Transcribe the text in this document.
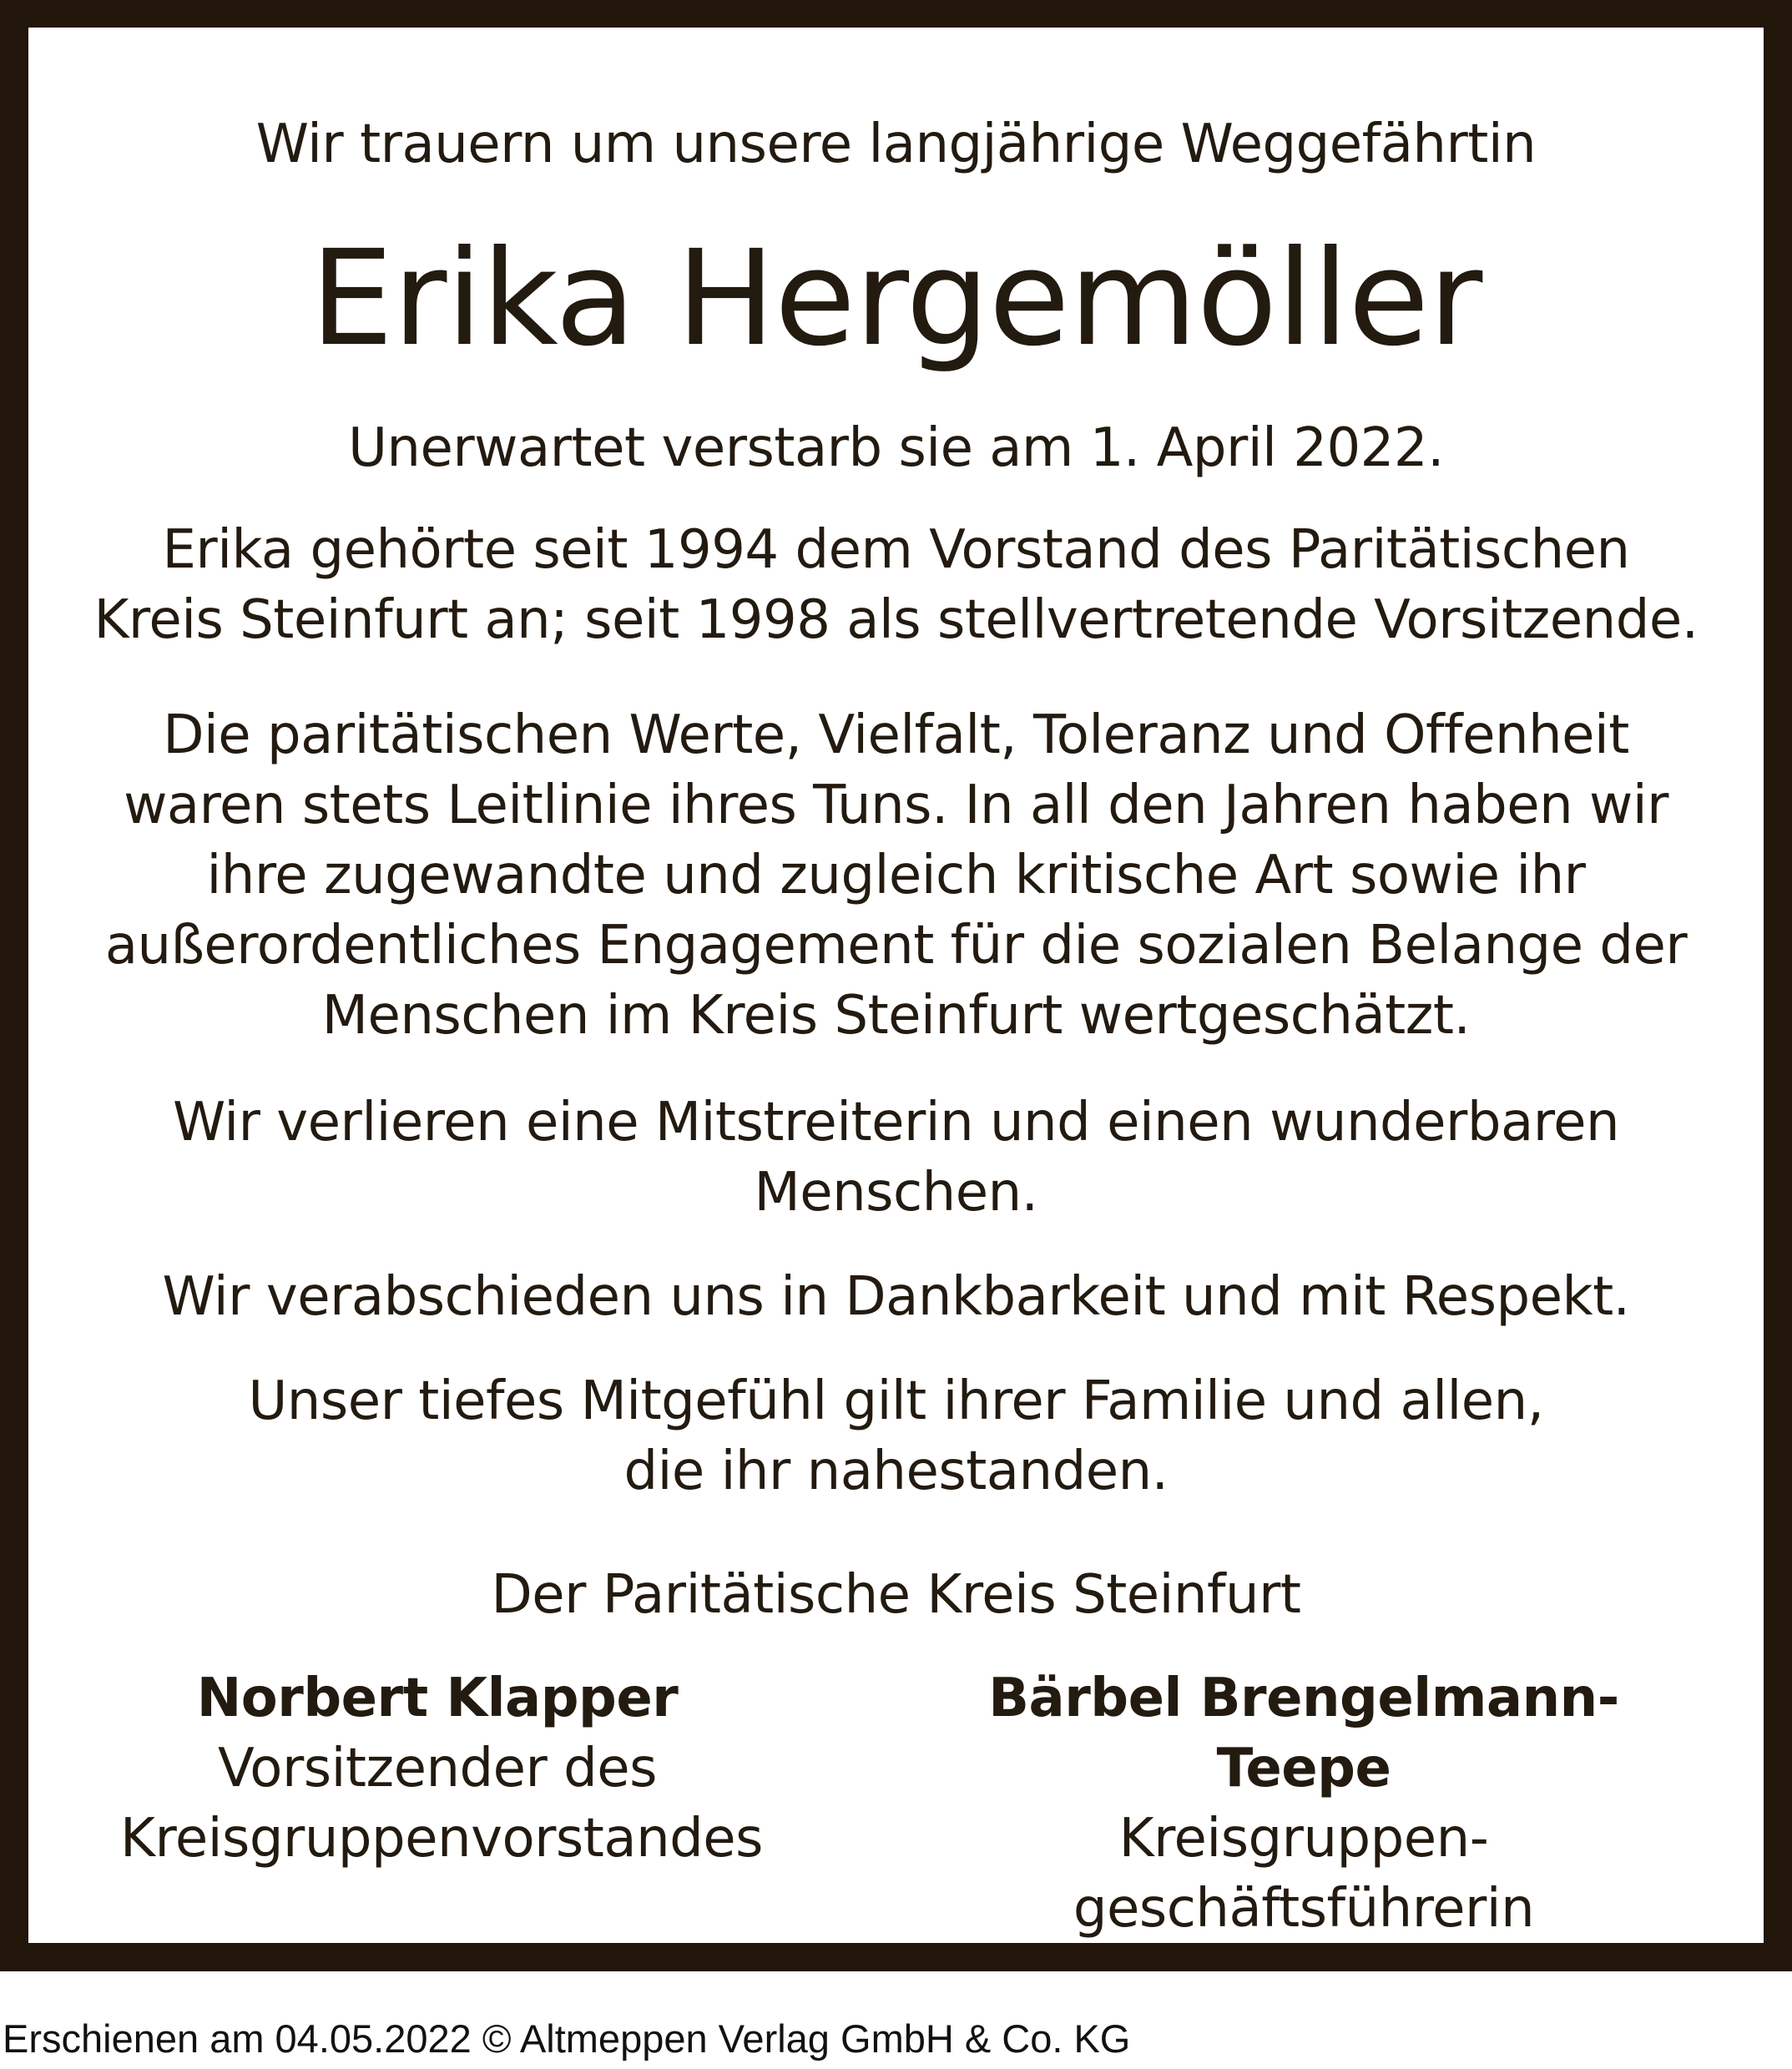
Wir trauern um unsere langjährige Weggefährtin
Erika Hergemöller
Unerwartet verstarb sie am 1. April 2022.
Erika gehörte seit 1994 dem Vorstand des Paritätischen
Kreis Steinfurt an; seit 1998 als stellvertretende Vorsitzende.
Die paritätischen Werte, Vielfalt, Toleranz und Offenheit
waren stets Leitlinie ihres Tuns. In all den Jahren haben wir
ihre zugewandte und zugleich kritische Art sowie ihr
außerordentliches Engagement für die sozialen Belange der
Menschen im Kreis Steinfurt wertgeschätzt.
Wir verlieren eine Mitstreiterin und einen wunderbaren
Menschen.
Wir verabschieden uns in Dankbarkeit und mit Respekt.
Unser tiefes Mitgefühl gilt ihrer Familie und allen,
die ihr nahestanden.
Der Paritätische Kreis Steinfurt
Norbert Klapper
Vorsitzender des
Kreisgruppenvorstandes
Bärbel Brengelmann-Teepe
Kreisgruppen-
geschäftsführerin
Erschienen am 04.05.2022 © Altmeppen Verlag GmbH & Co. KG
